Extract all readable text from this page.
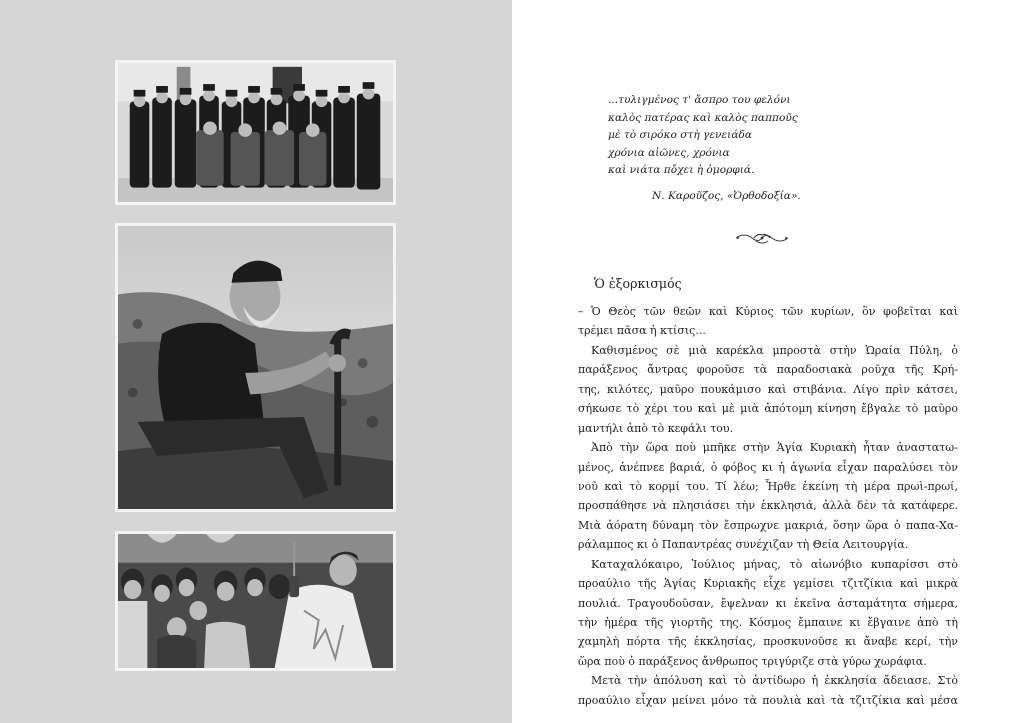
...τυλιγμένος τ' ἄσπρο του φελόνι
καλὸς πατέρας καὶ καλὸς παπποῦς
μὲ τὸ σιρόκο στὴ γενειάδα
χρόνια αἰῶνες, χρόνια
καὶ νιάτα πὄχει ἡ ὀμορφιά.
Ν. Καροῦζος, «Ὀρθοδοξία».
Ὁ ἐξορκισμός
– Ὁ Θεὸς τῶν θεῶν καὶ Κύριος τῶν κυρίων, ὃν φοβεῖται καὶ
τρέμει πᾶσα ἡ κτίσις...
Καθισμένος σὲ μιὰ καρέκλα μπροστὰ στὴν Ὡραία Πύλη, ὁ
παράξενος ἄντρας φοροῦσε τὰ παραδοσιακὰ ροῦχα τῆς Κρή-
της, κιλότες, μαῦρο πουκάμισο καὶ στιβάνια. Λίγο πρὶν κάτσει,
σήκωσε τὸ χέρι του καὶ μὲ μιὰ ἀπότομη κίνηση ἔβγαλε τὸ μαῦρο
μαντήλι ἀπὸ τὸ κεφάλι του.
Ἀπὸ τὴν ὥρα ποὺ μπῆκε στὴν Ἁγία Κυριακὴ ἦταν ἀναστατω-
μένος, ἀνέπνεε βαριά, ὁ φόβος κι ἡ ἀγωνία εἶχαν παραλύσει τὸν
νοῦ καὶ τὸ κορμί του. Τί λέω; Ἦρθε ἐκείνη τὴ μέρα πρωὶ-πρωί,
προσπάθησε νὰ πλησιάσει τὴν ἐκκλησιά, ἀλλὰ δὲν τὰ κατάφερε.
Μιὰ ἀόρατη δύναμη τὸν ἔσπρωχνε μακριά, ὅσην ὥρα ὁ παπα-Χα-
ράλαμπος κι ὁ Παπαντρέας συνέχιζαν τὴ Θεία Λειτουργία.
Καταχαλόκαιρο, Ἰούλιος μήνας, τὸ αἰωνόβιο κυπαρίσσι στὸ
προαύλιο τῆς Ἁγίας Κυριακῆς εἶχε γεμίσει τζιτζίκια καὶ μικρὰ
πουλιά. Τραγουδοῦσαν, ἔψελναν κι ἐκεῖνα ἀσταμάτητα σήμερα,
τὴν ἡμέρα τῆς γιορτῆς της. Κόσμος ἔμπαινε κι ἔβγαινε ἀπὸ τὴ
χαμηλὴ πόρτα τῆς ἐκκλησίας, προσκυνοῦσε κι ἄναβε κερί, τὴν
ὥρα ποὺ ὁ παράξενος ἄνθρωπος τριγύριζε στὰ γύρω χωράφια.
Μετὰ τὴν ἀπόλυση καὶ τὸ ἀντίδωρο ἡ ἐκκλησία ἄδειασε. Στὸ
προαύλιο εἶχαν μείνει μόνο τὰ πουλιὰ καὶ τὰ τζιτζίκια καὶ μέσα
